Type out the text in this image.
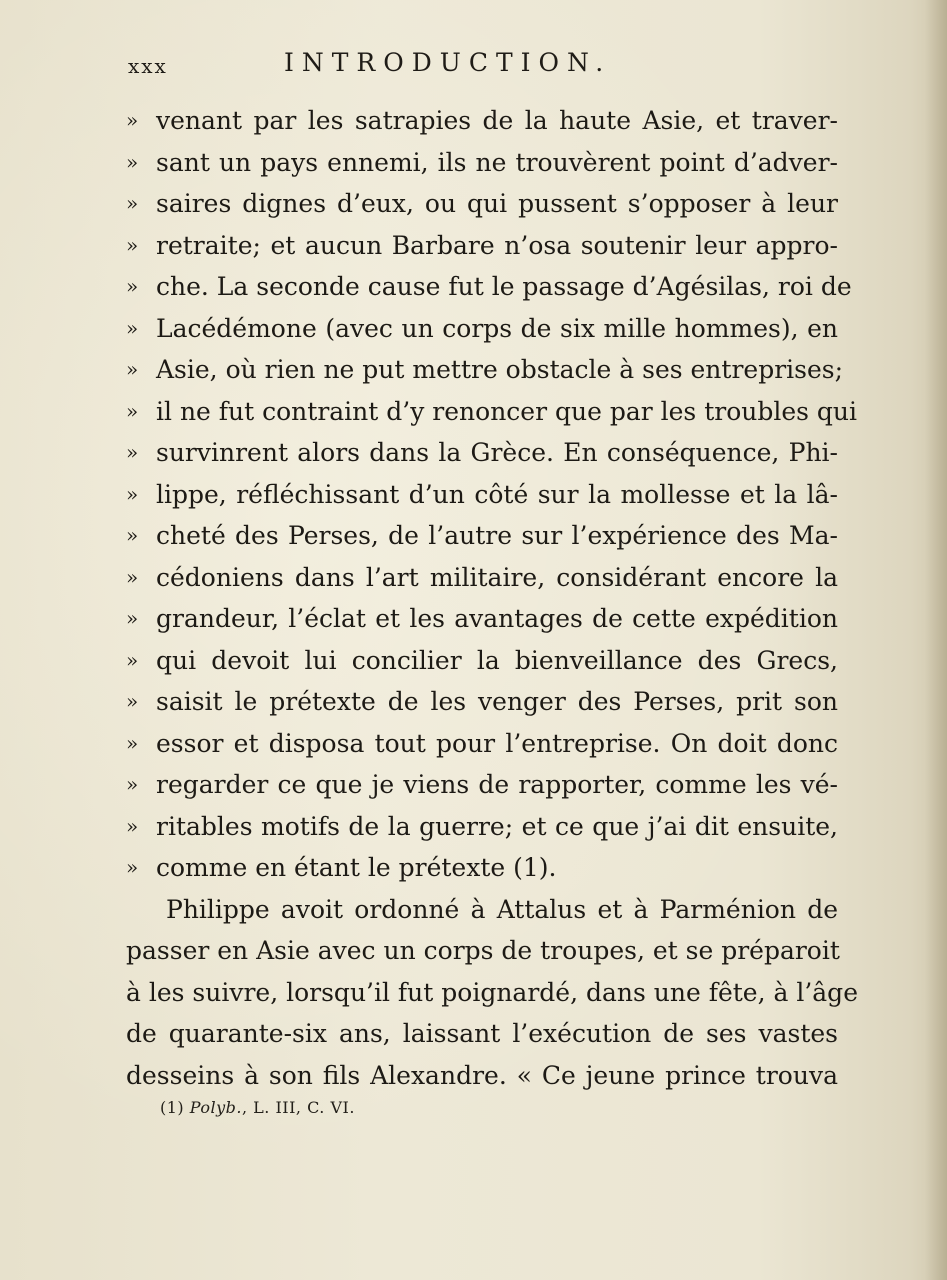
xxx	INTRODUCTION.
» venant par les satrapies de la haute Asie, et traver-
» sant un pays ennemi, ils ne trouvèrent point d’adver-
» saires dignes d’eux, ou qui pussent s’opposer à leur
» retraite; et aucun Barbare n’osa soutenir leur appro-
» che. La seconde cause fut le passage d’Agésilas, roi de
» Lacédémone (avec un corps de six mille hommes), en
» Asie, où rien ne put mettre obstacle à ses entreprises;
» il ne fut contraint d’y renoncer que par les troubles qui
» survinrent alors dans la Grèce. En conséquence, Phi-
» lippe, réfléchissant d’un côté sur la mollesse et la lâ-
» cheté des Perses, de l’autre sur l’expérience des Ma-
» cédoniens dans l’art militaire, considérant encore la
» grandeur, l’éclat et les avantages de cette expédition
» qui devoit lui concilier la bienveillance des Grecs,
» saisit le prétexte de les venger des Perses, prit son
» essor et disposa tout pour l’entreprise. On doit donc
» regarder ce que je viens de rapporter, comme les vé-
» ritables motifs de la guerre; et ce que j’ai dit ensuite,
» comme en étant le prétexte (1).
Philippe avoit ordonné à Attalus et à Parménion de
passer en Asie avec un corps de troupes, et se préparoit
à les suivre, lorsqu’il fut poignardé, dans une fête, à l’âge
de quarante-six ans, laissant l’exécution de ses vastes
desseins à son fils Alexandre. « Ce jeune prince trouva
(1) Polyb., L. III, C. VI.
